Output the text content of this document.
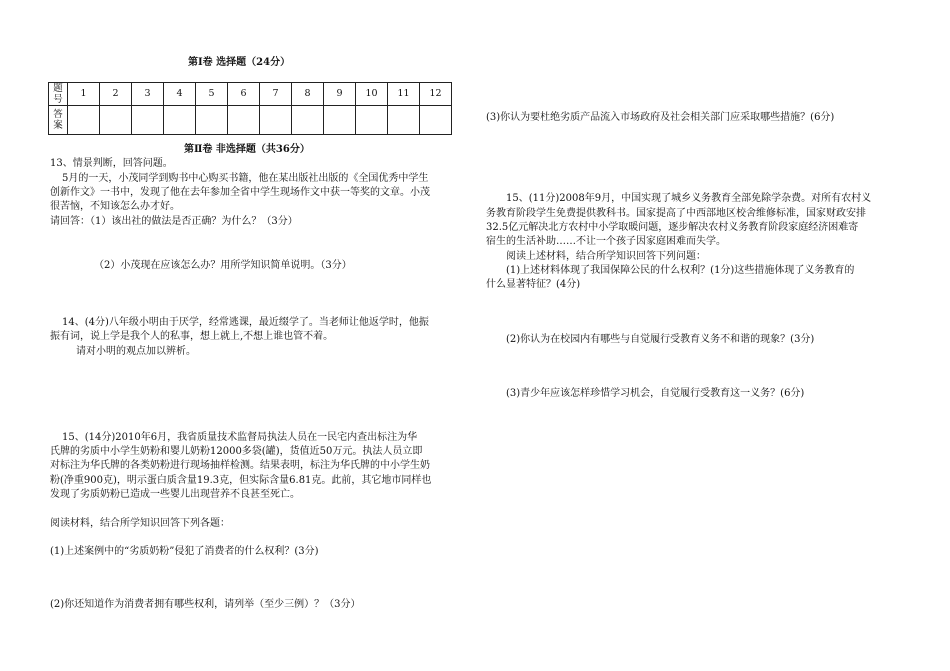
第Ⅰ卷 选择题（24分）
题
号	1	2	3	4	5	6	7	8	9	10	11	12

答
案												

第Ⅱ卷 非选择题（共36分）
13、情景判断，回答问题。
5月的一天，小茂同学到购书中心购买书籍，他在某出版社出版的《全国优秀中学生
创新作文》一书中，发现了他在去年参加全省中学生现场作文中获一等奖的文章。小茂
很苦恼，不知该怎么办才好。
请回答：（1）该出社的做法是否正确？为什么？（3分）
（2）小茂现在应该怎么办？用所学知识简单说明。（3分）
14、(4分)八年级小明由于厌学，经常逃课，最近缀学了。当老师让他返学时，他振
振有词，说上学是我个人的私事，想上就上,不想上谁也管不着。
请对小明的观点加以辨析。
15、(14分)2010年6月，我省质量技术监督局执法人员在一民宅内查出标注为华
氏牌的劣质中小学生奶粉和婴儿奶粉12000多袋(罐)，货值近50万元。执法人员立即
对标注为华氏牌的各类奶粉进行现场抽样检测。结果表明，标注为华氏牌的中小学生奶
粉(净重900克)，明示蛋白质含量19.3克，但实际含量6.81克。此前，其它地市同样也
发现了劣质奶粉已造成一些婴儿出现营养不良甚至死亡。
阅读材料，结合所学知识回答下列各题：
(1)上述案例中的“劣质奶粉”侵犯了消费者的什么权利？(3分)
(2)你还知道作为消费者拥有哪些权利，请列举（至少三例）？（3分）
(3)你认为要杜绝劣质产品流入市场政府及社会相关部门应采取哪些措施？(6分)
15、(11分)2008年9月，中国实现了城乡义务教育全部免除学杂费。对所有农村义
务教育阶段学生免费提供教科书。国家提高了中西部地区校舍维修标准，国家财政安排
32.5亿元解决北方农村中小学取暖问题，逐步解决农村义务教育阶段家庭经济困难寄
宿生的生活补助……不让一个孩子因家庭困难而失学。
阅读上述材料，结合所学知识回答下列问题：
(1)上述材料体现了我国保障公民的什么权利？(1分)这些措施体现了义务教育的
什么显著特征？(4分)
(2)你认为在校园内有哪些与自觉履行受教育义务不和谐的现象？(3分)
(3)青少年应该怎样珍惜学习机会，自觉履行受教育这一义务？(6分)
